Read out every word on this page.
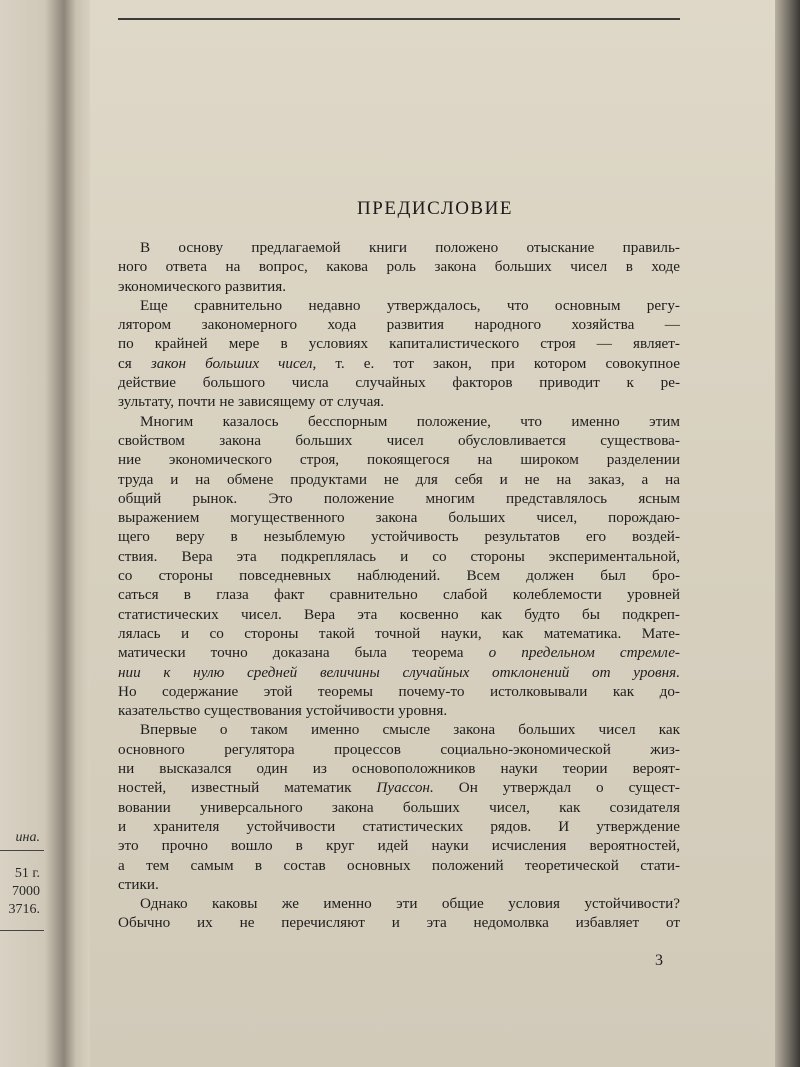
ина.
51 г.
7000
3716.
ПРЕДИСЛОВИЕ
В основу предлагаемой книги положено отыскание правиль-
ного ответа на вопрос, какова роль закона больших чисел в ходе
экономического развития.
Еще сравнительно недавно утверждалось, что основным регу-
лятором закономерного хода развития народного хозяйства —
по крайней мере в условиях капиталистического строя — являет-
ся закон больших чисел, т. е. тот закон, при котором совокупное
действие большого числа случайных факторов приводит к ре-
зультату, почти не зависящему от случая.
Многим казалось бесспорным положение, что именно этим
свойством закона больших чисел обусловливается существова-
ние экономического строя, покоящегося на широком разделении
труда и на обмене продуктами не для себя и не на заказ, а на
общий рынок. Это положение многим представлялось ясным
выражением могущественного закона больших чисел, порождаю-
щего веру в незыблемую устойчивость результатов его воздей-
ствия. Вера эта подкреплялась и со стороны экспериментальной,
со стороны повседневных наблюдений. Всем должен был бро-
саться в глаза факт сравнительно слабой колеблемости уровней
статистических чисел. Вера эта косвенно как будто бы подкреп-
лялась и со стороны такой точной науки, как математика. Мате-
матически точно доказана была теорема о предельном стремле-
нии к нулю средней величины случайных отклонений от уровня.
Но содержание этой теоремы почему-то истолковывали как до-
казательство существования устойчивости уровня.
Впервые о таком именно смысле закона больших чисел как
основного регулятора процессов социально-экономической жиз-
ни высказался один из основоположников науки теории вероят-
ностей, известный математик Пуассон. Он утверждал о сущест-
вовании универсального закона больших чисел, как созидателя
и хранителя устойчивости статистических рядов. И утверждение
это прочно вошло в круг идей науки исчисления вероятностей,
а тем самым в состав основных положений теоретической стати-
стики.
Однако каковы же именно эти общие условия устойчивости?
Обычно их не перечисляют и эта недомолвка избавляет от
3
